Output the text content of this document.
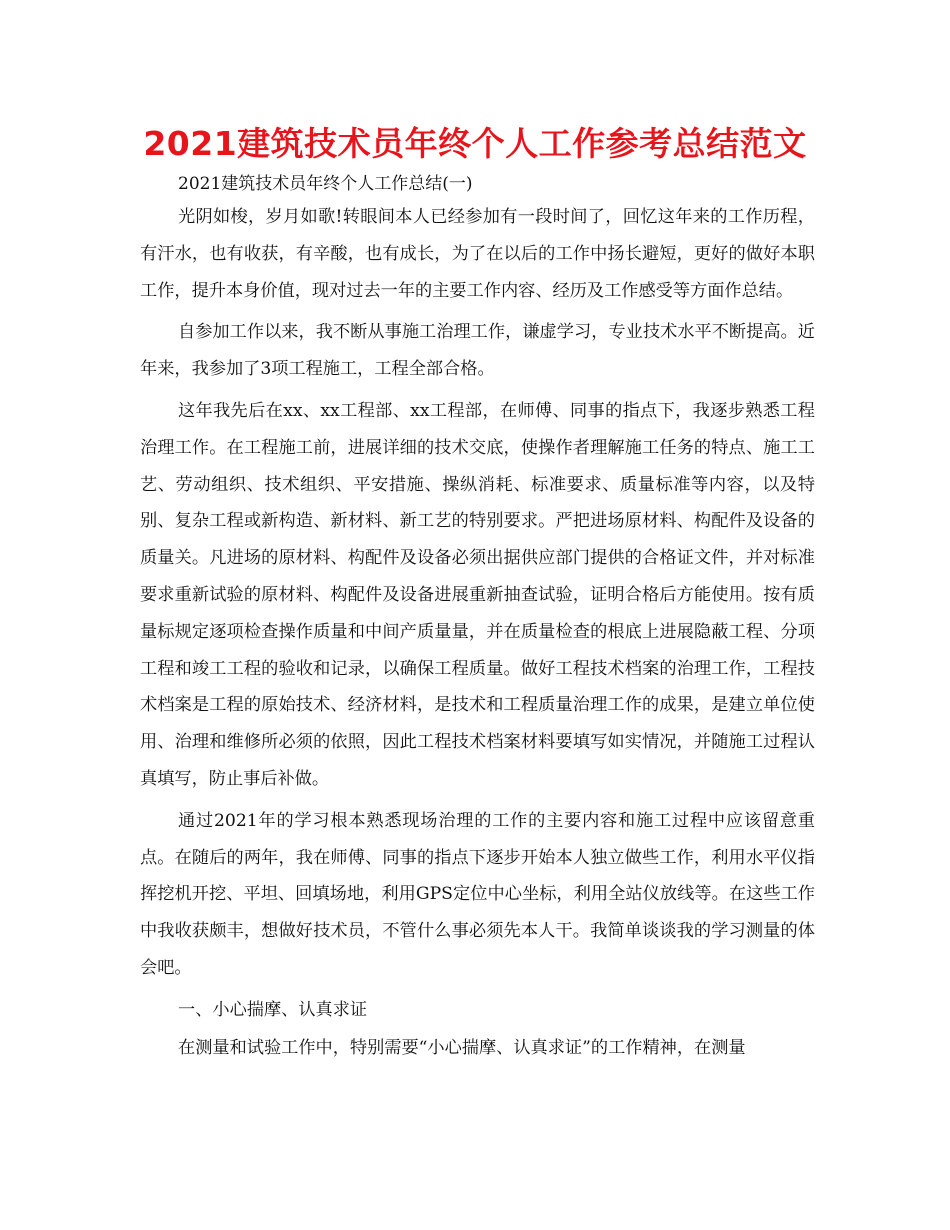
2021建筑技术员年终个人工作参考总结范文

2021建筑技术员年终个人工作总结(一)

光阴如梭，岁月如歌!转眼间本人已经参加有一段时间了，回忆这年来的工作历程，有汗水，也有收获，有辛酸，也有成长，为了在以后的工作中扬长避短，更好的做好本职工作，提升本身价值，现对过去一年的主要工作内容、经历及工作感受等方面作总结。

自参加工作以来，我不断从事施工治理工作，谦虚学习，专业技术水平不断提高。近年来，我参加了3项工程施工，工程全部合格。

这年我先后在xx、xx工程部、xx工程部，在师傅、同事的指点下，我逐步熟悉工程治理工作。在工程施工前，进展详细的技术交底，使操作者理解施工任务的特点、施工工艺、劳动组织、技术组织、平安措施、操纵消耗、标准要求、质量标准等内容，以及特别、复杂工程或新构造、新材料、新工艺的特别要求。严把进场原材料、构配件及设备的质量关。凡进场的原材料、构配件及设备必须出据供应部门提供的合格证文件，并对标准要求重新试验的原材料、构配件及设备进展重新抽查试验，证明合格后方能使用。按有质量标规定逐项检查操作质量和中间产质量量，并在质量检查的根底上进展隐蔽工程、分项工程和竣工工程的验收和记录，以确保工程质量。做好工程技术档案的治理工作，工程技术档案是工程的原始技术、经济材料，是技术和工程质量治理工作的成果，是建立单位使用、治理和维修所必须的依照，因此工程技术档案材料要填写如实情况，并随施工过程认真填写，防止事后补做。

通过2021年的学习根本熟悉现场治理的工作的主要内容和施工过程中应该留意重点。在随后的两年，我在师傅、同事的指点下逐步开始本人独立做些工作，利用水平仪指挥挖机开挖、平坦、回填场地，利用GPS定位中心坐标，利用全站仪放线等。在这些工作中我收获颇丰，想做好技术员，不管什么事必须先本人干。我简单谈谈我的学习测量的体会吧。

一、小心揣摩、认真求证

在测量和试验工作中，特别需要“小心揣摩、认真求证”的工作精神，在测量
